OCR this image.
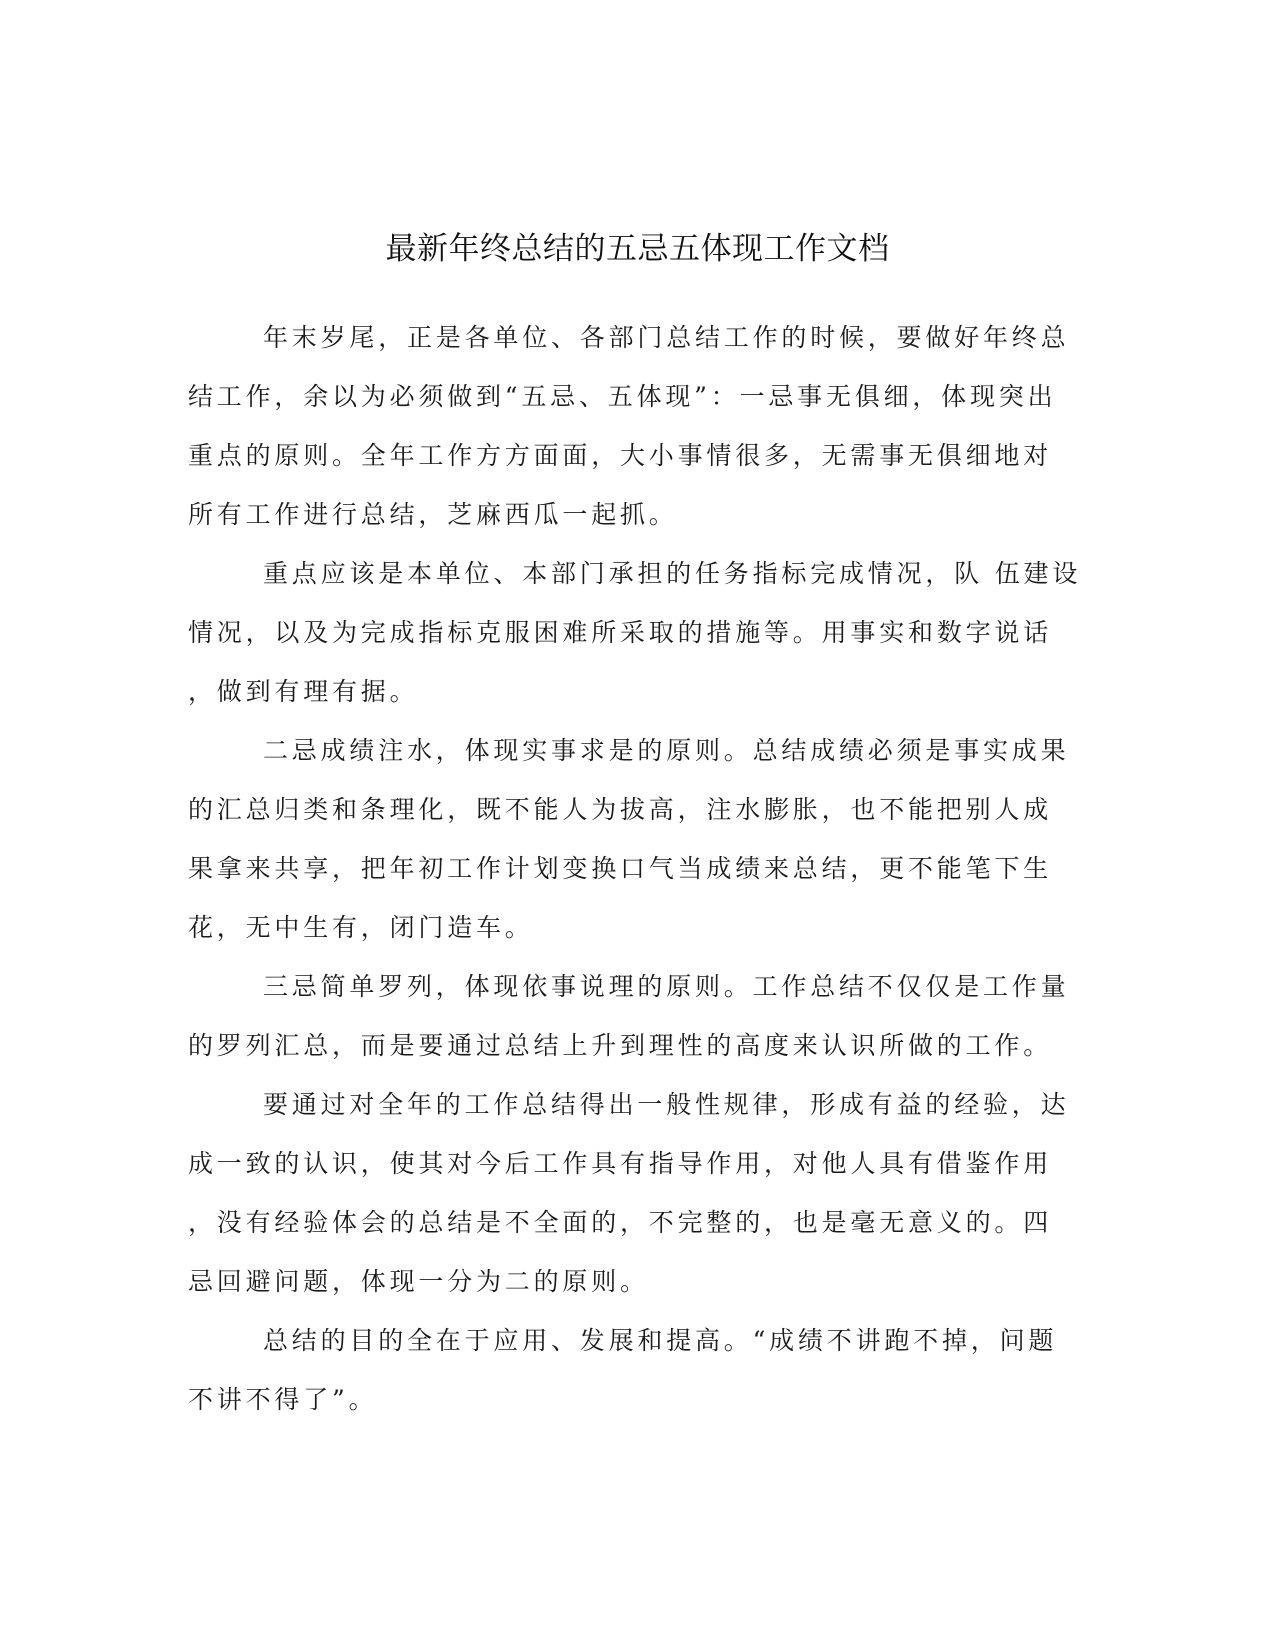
最新年终总结的五忌五体现工作文档
年末岁尾，正是各单位、各部门总结工作的时候，要做好年终总
结工作，余以为必须做到“五忌、五体现”：一忌事无俱细，体现突出
重点的原则。全年工作方方面面，大小事情很多，无需事无俱细地对
所有工作进行总结，芝麻西瓜一起抓。
重点应该是本单位、本部门承担的任务指标完成情况，队 伍建设
情况，以及为完成指标克服困难所采取的措施等。用事实和数字说话
，做到有理有据。
二忌成绩注水，体现实事求是的原则。总结成绩必须是事实成果
的汇总归类和条理化，既不能人为拔高，注水膨胀，也不能把别人成
果拿来共享，把年初工作计划变换口气当成绩来总结，更不能笔下生
花，无中生有，闭门造车。
三忌简单罗列，体现依事说理的原则。工作总结不仅仅是工作量
的罗列汇总，而是要通过总结上升到理性的高度来认识所做的工作。
要通过对全年的工作总结得出一般性规律，形成有益的经验，达
成一致的认识，使其对今后工作具有指导作用，对他人具有借鉴作用
，没有经验体会的总结是不全面的，不完整的，也是毫无意义的。四
忌回避问题，体现一分为二的原则。
总结的目的全在于应用、发展和提高。“成绩不讲跑不掉，问题
不讲不得了”。
